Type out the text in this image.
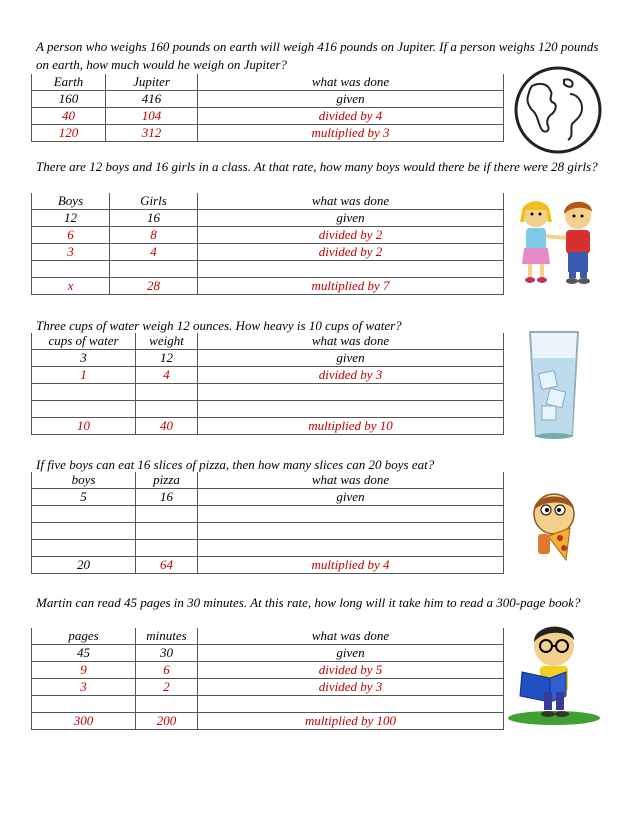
A person who weighs 160 pounds on earth will weigh 416 pounds on Jupiter. If a person weighs 120 pounds on earth, how much would he weigh on Jupiter?

Earth	Jupiter	what was done
160	416	given
40	104	divided by 4
120	312	multiplied by 3

There are 12 boys and 16 girls in a class. At that rate, how many boys would there be if there were 28 girls?

Boys	Girls	what was done
12	16	given
6	8	divided by 2
3	4	divided by 2

x	28	multiplied by 7

Three cups of water weigh 12 ounces. How heavy is 10 cups of water?

cups of water	weight	what was done
3	12	given
1	4	divided by 3

10	40	multiplied by 10

If five boys can eat 16 slices of pizza, then how many slices can 20 boys eat?

boys	pizza	what was done
5	16	given

20	64	multiplied by 4

Martin can read 45 pages in 30 minutes. At this rate, how long will it take him to read a 300-page book?

pages	minutes	what was done
45	30	given
9	6	divided by 5
3	2	divided by 3

300	200	multiplied by 100
